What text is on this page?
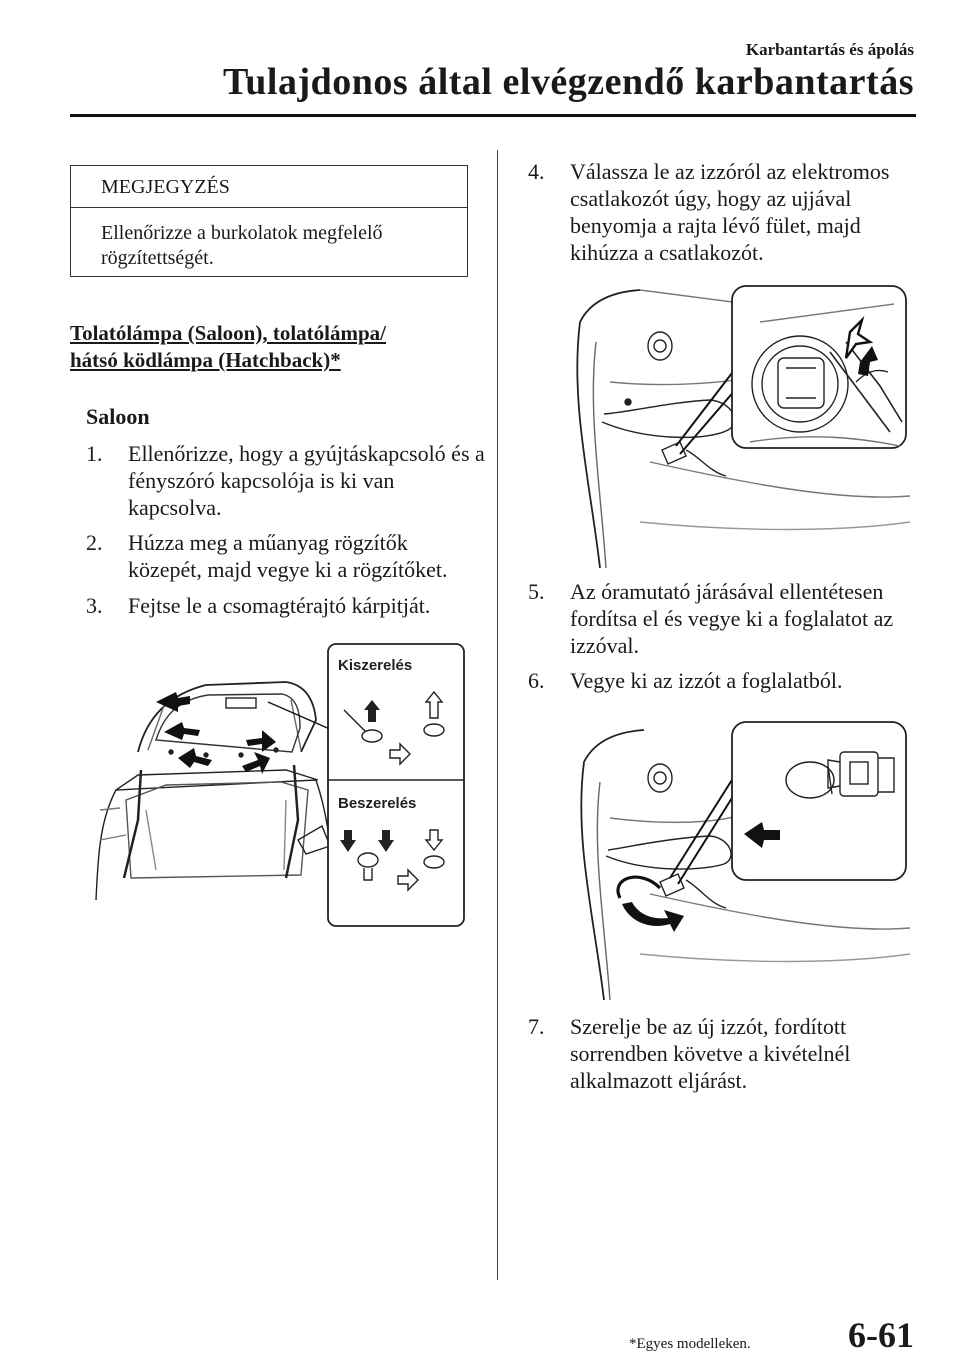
Karbantartás és ápolás
Tulajdonos által elvégzendő karbantartás
MEGJEGYZÉS
Ellenőrizze a burkolatok megfelelő rögzítettségét.
Tolatólámpa (Saloon), tolatólámpa/
hátsó ködlámpa (Hatchback)*
Saloon
1. Ellenőrizze, hogy a gyújtáskapcsoló és a fényszóró kapcsolója is ki van kapcsolva.
2. Húzza meg a műanyag rögzítők közepét, majd vegye ki a rögzítőket.
3. Fejtse le a csomagtérajtó kárpitját.
Kiszerelés
Beszerelés
4. Válassza le az izzóról az elektromos csatlakozót úgy, hogy az ujjával benyomja a rajta lévő fület, majd kihúzza a csatlakozót.
5. Az óramutató járásával ellentétesen fordítsa el és vegye ki a foglalatot az izzóval.
6. Vegye ki az izzót a foglalatból.
7. Szerelje be az új izzót, fordított sorrendben követve a kivételnél alkalmazott eljárást.
*Egyes modelleken.	6-61
